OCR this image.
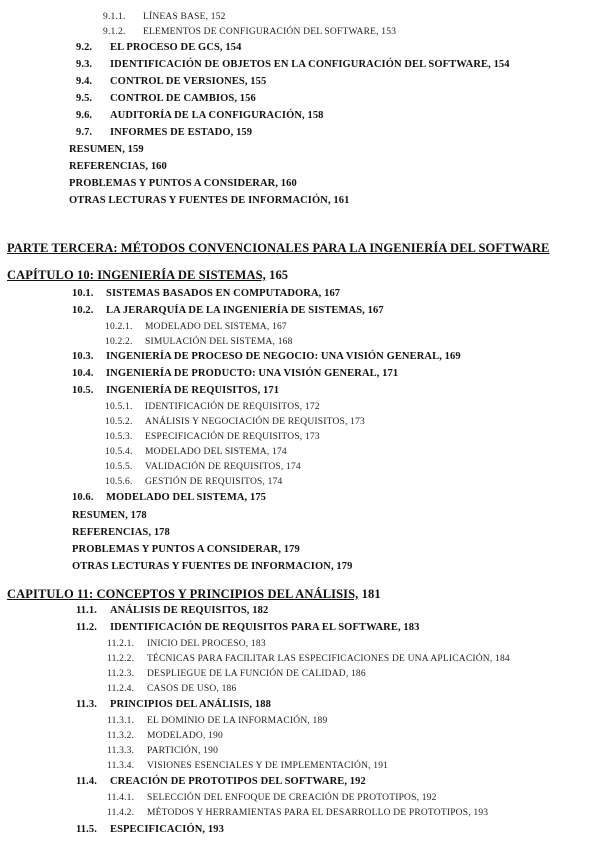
9.1.1. LÍNEAS BASE, 152
9.1.2. ELEMENTOS DE CONFIGURACIÓN DEL SOFTWARE, 153
9.2. EL PROCESO DE GCS, 154
9.3. IDENTIFICACIÓN DE OBJETOS EN LA CONFIGURACIÓN DEL SOFTWARE, 154
9.4. CONTROL DE VERSIONES, 155
9.5. CONTROL DE CAMBIOS, 156
9.6. AUDITORÍA DE LA CONFIGURACIÓN, 158
9.7. INFORMES DE ESTADO, 159
RESUMEN, 159
REFERENCIAS, 160
PROBLEMAS Y PUNTOS A CONSIDERAR, 160
OTRAS LECTURAS Y FUENTES DE INFORMACIÓN, 161
PARTE TERCERA: MÉTODOS CONVENCIONALES PARA LA INGENIERÍA DEL SOFTWARE
CAPÍTULO 10: INGENIERÍA DE SISTEMAS, 165
10.1. SISTEMAS BASADOS EN COMPUTADORA, 167
10.2. LA JERARQUÍA DE LA INGENIERÍA DE SISTEMAS, 167
10.2.1. MODELADO DEL SISTEMA, 167
10.2.2. SIMULACIÓN DEL SISTEMA, 168
10.3. INGENIERÍA DE PROCESO DE NEGOCIO: UNA VISIÓN GENERAL, 169
10.4. INGENIERÍA DE PRODUCTO: UNA VISIÓN GENERAL, 171
10.5. INGENIERÍA DE REQUISITOS, 171
10.5.1. IDENTIFICACIÓN DE REQUISITOS, 172
10.5.2. ANÁLISIS Y NEGOCIACIÓN DE REQUISITOS, 173
10.5.3. ESPECIFICACIÓN DE REQUISITOS, 173
10.5.4. MODELADO DEL SISTEMA, 174
10.5.5. VALIDACIÓN DE REQUISITOS, 174
10.5.6. GESTIÓN DE REQUISITOS, 174
10.6. MODELADO DEL SISTEMA, 175
RESUMEN, 178
REFERENCIAS, 178
PROBLEMAS Y PUNTOS A CONSIDERAR, 179
OTRAS LECTURAS Y FUENTES DE INFORMACION, 179
CAPITULO 11: CONCEPTOS Y PRINCIPIOS DEL ANÁLISIS, 181
11.1. ANÁLISIS DE REQUISITOS, 182
11.2. IDENTIFICACIÓN DE REQUISITOS PARA EL SOFTWARE, 183
11.2.1. INICIO DEL PROCESO, 183
11.2.2. TÉCNICAS PARA FACILITAR LAS ESPECIFICACIONES DE UNA APLICACIÓN, 184
11.2.3. DESPLIEGUE DE LA FUNCIÓN DE CALIDAD, 186
11.2.4. CASOS DE USO, 186
11.3. PRINCIPIOS DEL ANÁLISIS, 188
11.3.1. EL DOMINIO DE LA INFORMACIÓN, 189
11.3.2. MODELADO, 190
11.3.3. PARTICIÓN, 190
11.3.4. VISIONES ESENCIALES Y DE IMPLEMENTACIÓN, 191
11.4. CREACIÓN DE PROTOTIPOS DEL SOFTWARE, 192
11.4.1. SELECCIÓN DEL ENFOQUE DE CREACIÓN DE PROTOTIPOS, 192
11.4.2. MÉTODOS Y HERRAMIENTAS PARA EL DESARROLLO DE PROTOTIPOS, 193
11.5. ESPECIFICACIÓN, 193
